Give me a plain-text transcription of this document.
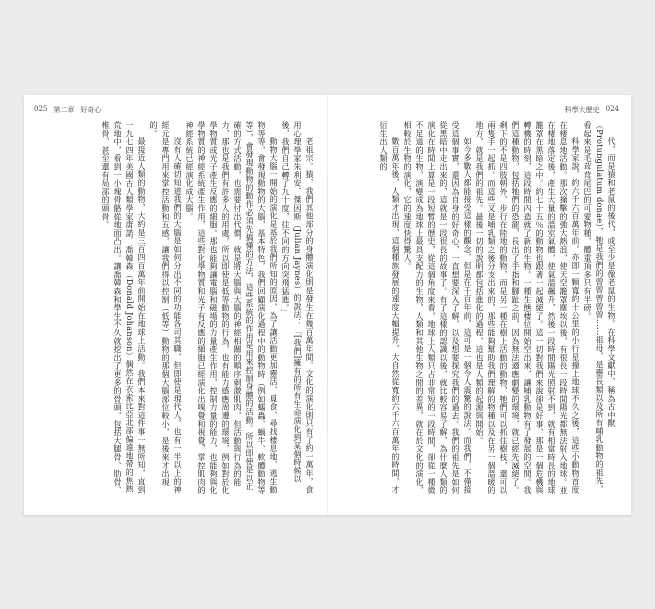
025 第二章 好奇心

老祖宗。猿，我們其他部分的身體演化則是發生在幾百萬年間。文化的演化則只有了約一萬年，食用心理學家朱利安．傑因斯（Julian Jaynes）的說法：「[我們]擁有的所有生命演化到某個時候以後，我們自己轉了九十度，往不同的方向突飛猛進。」

動物大腦一開始的演化是基於我們所知的原因，為了讓活動更加靈活、覓食、尋找棲息地、逃生動物等等，會發現動物的大腦，基本特色，我們回顧演化過程中的動物時（例如蠕蟲、蝸牛、軟體動物等等），會發現動物的動作必須先搞懂的方法，這些系統的作用是用來控制身體的活動。所以即使是以正確的方式活動，也需要付出代價，就是將大腦與大腦的神經相關的順序刺激肌肉，但活動與行為的能力，那也是我們有許多人的用處，所以即使是低等動物的行為，也有能力感應周遭的環境，例如對於化學物質或光子產生反應的細胞。那也能夠讓電腦和磁場的力量產生作用，控制力量的能力，也能夠與化學物質的神經系統產生作用，這些對化學物質和光子有反應的細胞已經演化出嗅覺和視覺，掌控肌肉的神經系統已經演化成大腦。

沒有人確切知道我們的大腦是如何分出不同的功能各司其職，但即使是現代人，也有一半以上的神經元是專門用來掌控活動和五感，讓我們得以控制（低等）動物的那個大腦部位較小，是後來才出現的。

最接近人類的動物，大約是三百四百萬年前開始在地球上活動。我們本來對這件事一無所知，直到一九七四年美國古人類學家唐諾．喬韓森（Donald Johanson）偶然在衣索比亞北部偏遠地帶的焦熱荒地中，看到一小塊骨骼從地面凸出。讓喬韓森和學生不久就挖出了更多的骨頭，包括大腿骨、肋骨、椎骨，甚至還有局部的頭骨。

科學大歷史 024

代，而是猿和老鼠的後代，或至少是像老鼠的生物。在科學文獻中，稱為古中獸（Protungulatum donae），牠是我們的曾曾曾曾曾……祖母，是靈長類以及所有哺乳動物的祖先，看起來是毛茸茸尾巴的可愛物種，體重頂多只有半磅。

科學家說，約六千六百萬年前，亦即一顆寬約十公里的小行星撞上地球不久之後，這些小動物首度在棲息地活動。那次撞擊的強大熱浪，使天空籠罩塵埃以後，有很長一段時間陽光都無法射入地球。並在棲地落定後，產生大量的溫室氣體，使氣溫飆升，然後一段時間陽光照射不到，就有相當時長的地球籠罩在黑暗之中。約七十五％的動物也跟著一起滅絕了。這一切對我們來說卻是好事，那是一個危機與轉機的時刻，這段時間內造就了新的生物。一種生態棲位開始空出來，讓哺乳動物有了發展的空間。我們這種動物，包括牠們的恐龍，長出了手指和腳趾之前，因為無法適應劇變的環境，就已經先滅絕了。剩下的不是四肢朝外、步行在陸地的動物，而是另一種在樹上活動的動物，牠們可以抓住樹枝，還可以兩隻手一起抓。而這些又是哺乳類之後分支出來的，那些能夠幫助我們理解的物種以及在另一個溫暖的地方，就是我們的祖先。最後一切的說明都包括進化的過程，這也是人類的起源與開始。

如今多數人都能接受這樣的觀念，但是在千百年前，這可是一個令人震驚的說法。而我們，不僅接受這個事實，還因為自身的好奇心，一直想要深入了解，以及想要探究我們的過去。我們的祖先是如何從黑暗中走出來的，這就是一段很長的故事了。有了這樣的認識以後，就比較容易了解，為什麼人類的演化在時間上算是一段短暫的歷史，從這個角度來看，地球上人類只占非常短的一段時間，卻從一種微不足道的生物，演變成為地球上最具支配力的生物，人類和其他生物之間的差異，就在於文化的演化，相較於生物的演化，它的速度快得驚人。

數百萬年後，人類才出現，這個種族發展的速度大幅提升，大自然從寬約六千六百萬年的時間，才衍生出人類的
